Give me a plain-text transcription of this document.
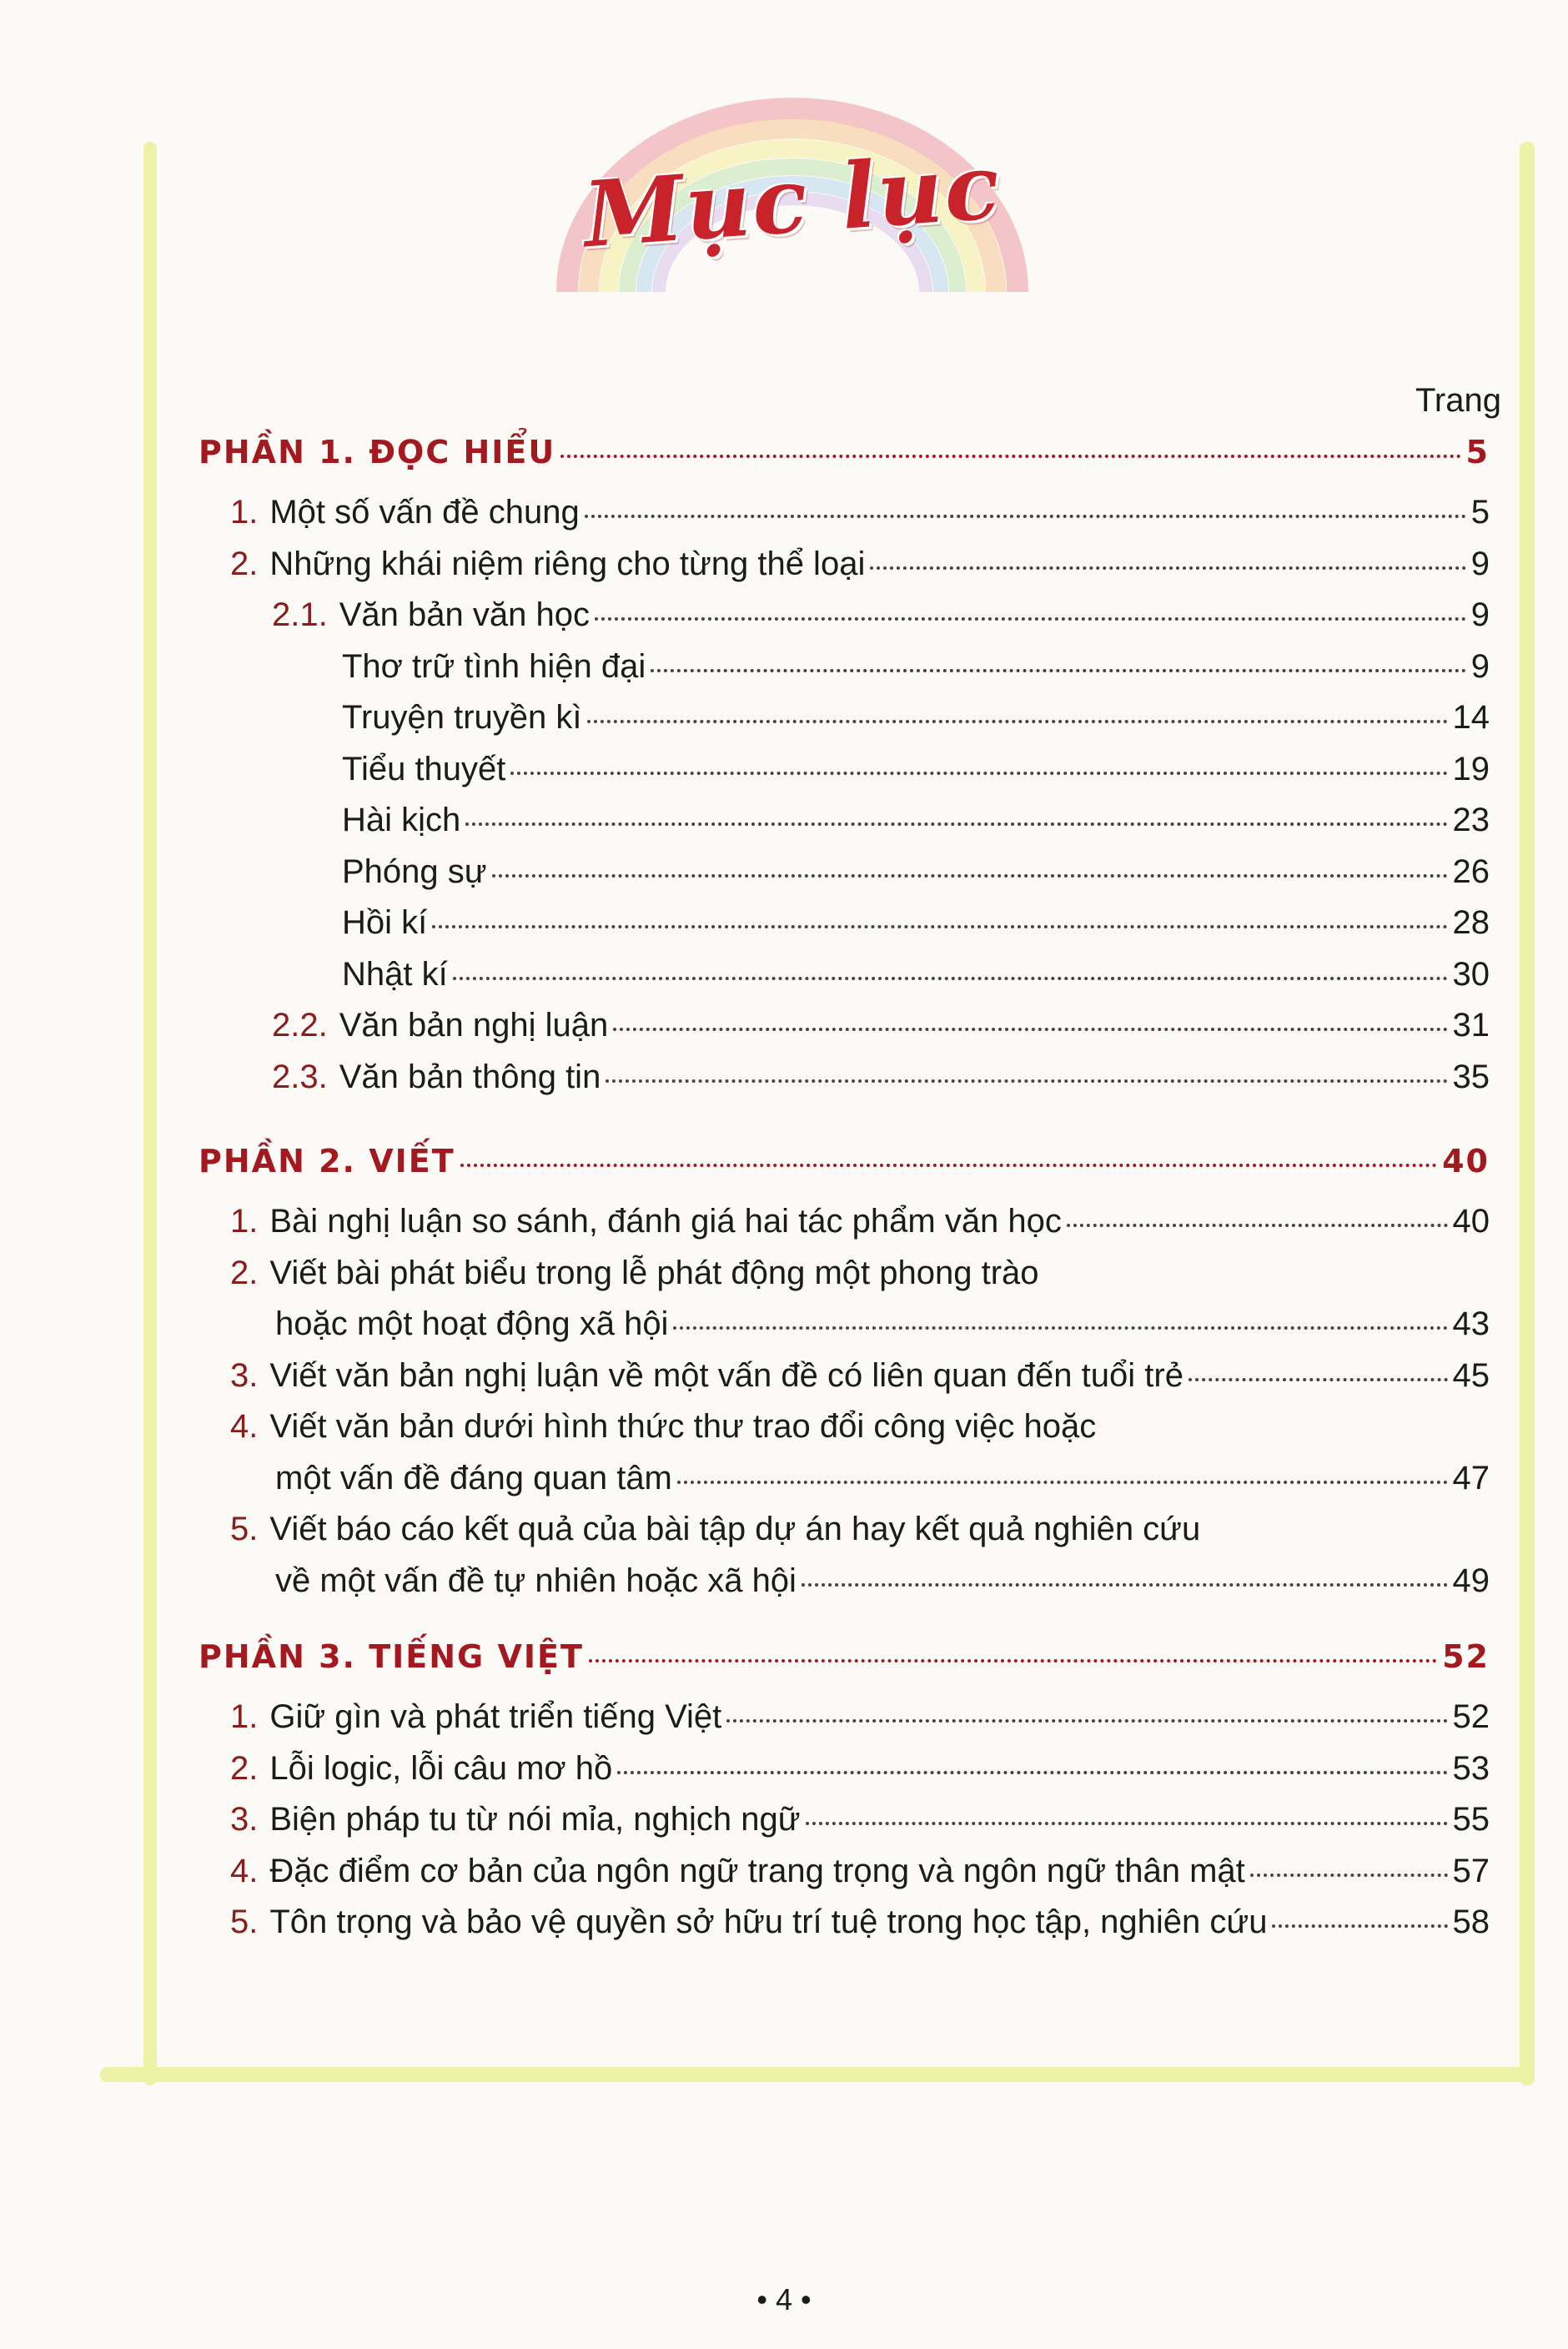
Mục lục
Trang
• 4 •
PHẦN 1. ĐỌC HIỂU	5
1. Một số vấn đề chung	5
2. Những khái niệm riêng cho từng thể loại	9
2.1. Văn bản văn học	9
Thơ trữ tình hiện đại	9
Truyện truyền kì	14
Tiểu thuyết	19
Hài kịch	23
Phóng sự	26
Hồi kí	28
Nhật kí	30
2.2. Văn bản nghị luận	31
2.3. Văn bản thông tin	35
PHẦN 2. VIẾT	40
1. Bài nghị luận so sánh, đánh giá hai tác phẩm văn học	40
2. Viết bài phát biểu trong lễ phát động một phong trào
hoặc một hoạt động xã hội	43
3. Viết văn bản nghị luận về một vấn đề có liên quan đến tuổi trẻ	45
4. Viết văn bản dưới hình thức thư trao đổi công việc hoặc
một vấn đề đáng quan tâm	47
5. Viết báo cáo kết quả của bài tập dự án hay kết quả nghiên cứu
về một vấn đề tự nhiên hoặc xã hội	49
PHẦN 3. TIẾNG VIỆT	52
1. Giữ gìn và phát triển tiếng Việt	52
2. Lỗi logic, lỗi câu mơ hồ	53
3. Biện pháp tu từ nói mỉa, nghịch ngữ	55
4. Đặc điểm cơ bản của ngôn ngữ trang trọng và ngôn ngữ thân mật	57
5. Tôn trọng và bảo vệ quyền sở hữu trí tuệ trong học tập, nghiên cứu	58
